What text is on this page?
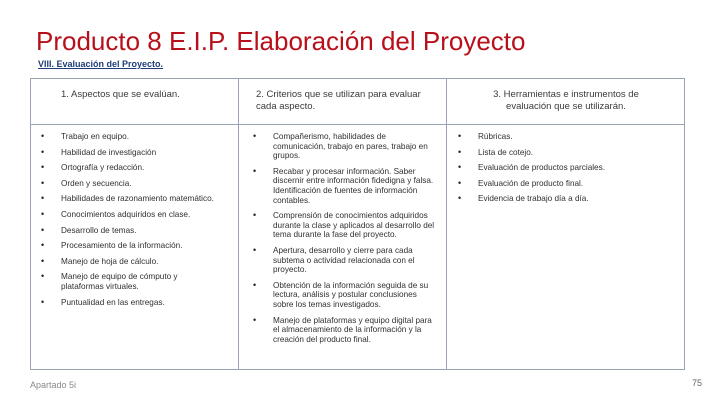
Producto 8 E.I.P. Elaboración del Proyecto
VIII. Evaluación del Proyecto.
1. Aspectos que se evalúan.	2. Criterios que se utilizan para evaluar cada aspecto.
3. Herramientas e instrumentos de evaluación que se utilizarán.
• Trabajo en equipo.
• Habilidad de investigación
• Ortografía y redacción.
• Orden y secuencia.
• Habilidades de razonamiento matemático.
• Conocimientos adquiridos en clase.
• Desarrollo de temas.
• Procesamiento de la información.
• Manejo de hoja de cálculo.
• Manejo de equipo de cómputo y plataformas virtuales.
• Puntualidad en las entregas.
• Compañerismo, habilidades de comunicación, trabajo en pares, trabajo en grupos.
• Recabar y procesar información. Saber discernir entre información fidedigna y falsa. Identificación de fuentes de información contables.
• Comprensión de conocimientos adquiridos durante la clase y aplicados al desarrollo del tema durante la fase del proyecto.
• Apertura, desarrollo y cierre para cada subtema o actividad relacionada con el proyecto.
• Obtención de la información seguida de su lectura, análisis y postular conclusiones sobre los temas investigados.
• Manejo de plataformas y equipo digital para el almacenamiento de la información y la creación del producto final.
• Rúbricas.
• Lista de cotejo.
• Evaluación de productos parciales.
• Evaluación de producto final.
• Evidencia de trabajo día a día.
Apartado 5i	75
